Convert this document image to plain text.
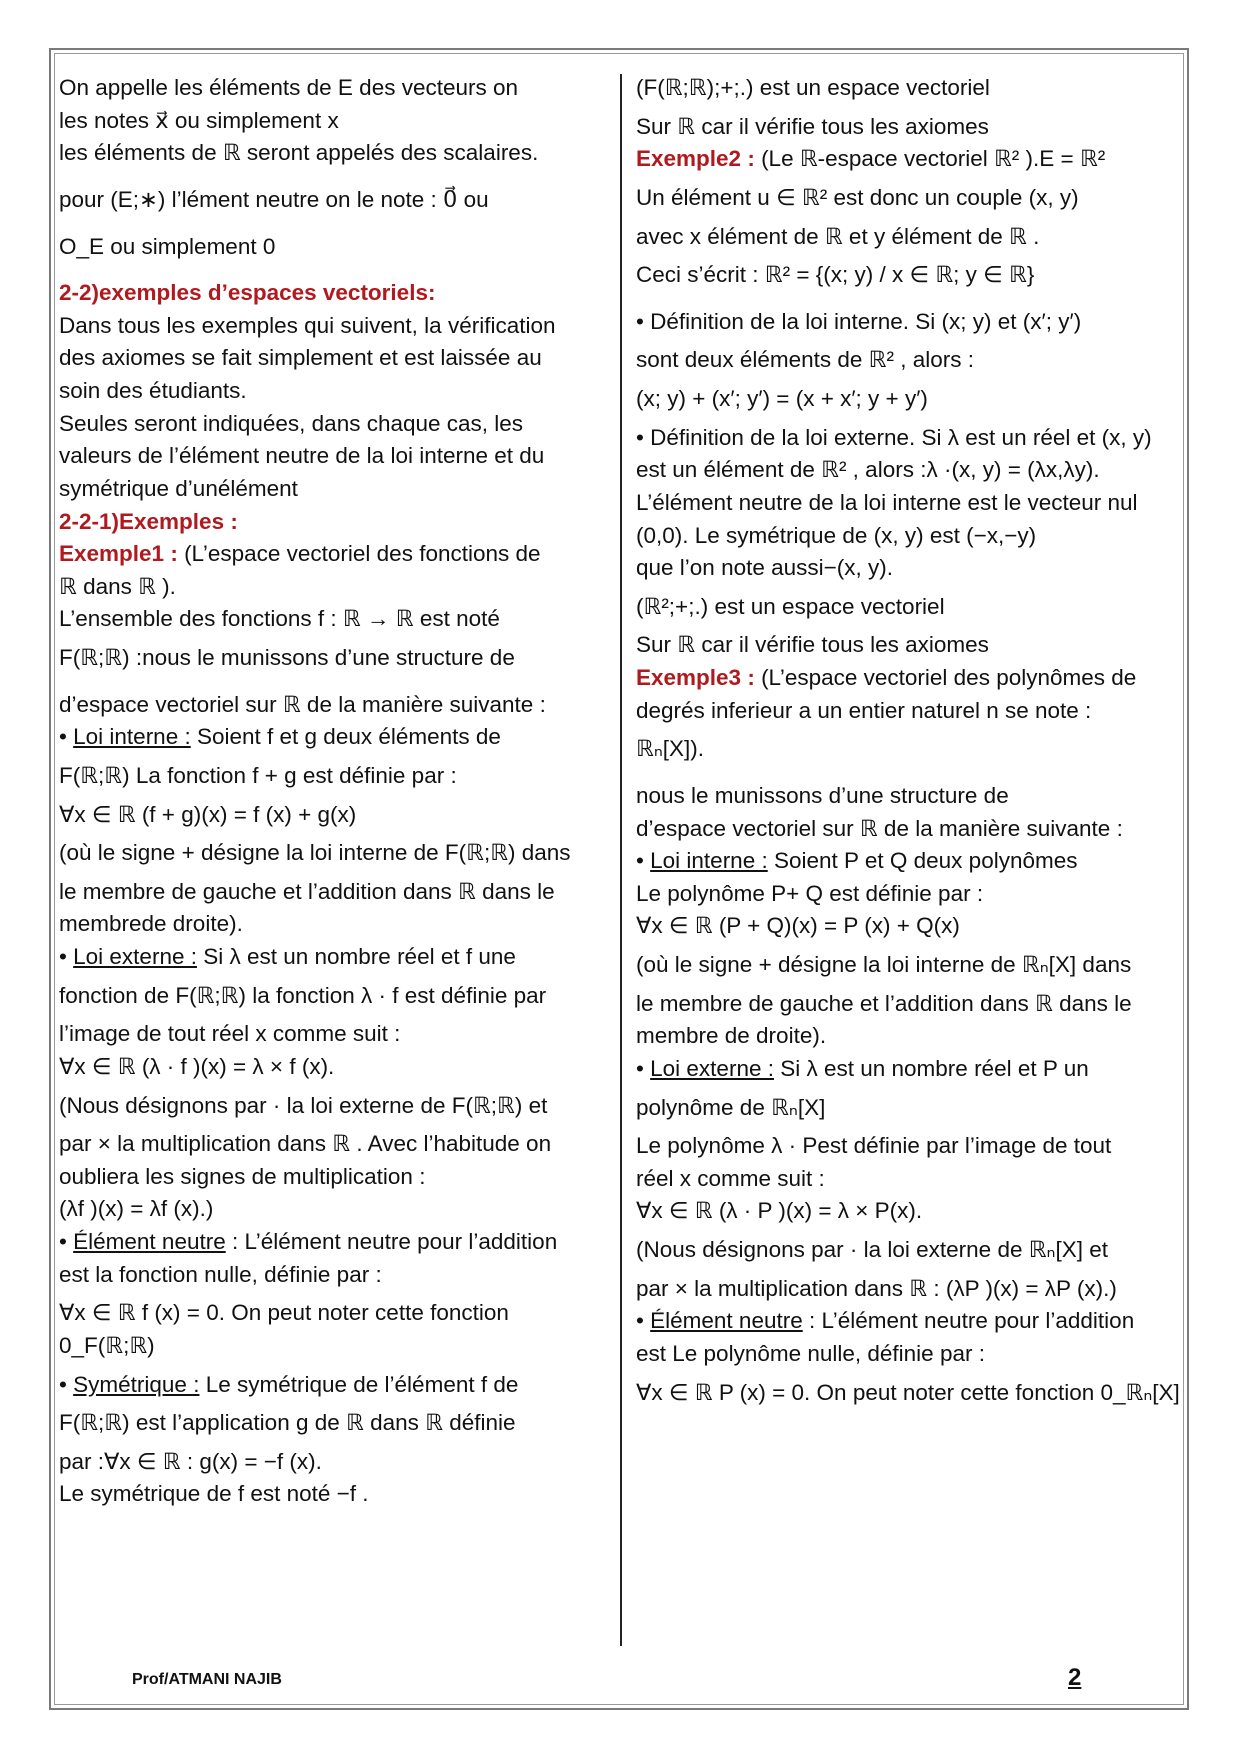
On appelle les éléments de E des vecteurs on

les notes x⃗ ou simplement x

les éléments de ℝ seront appelés des scalaires.

pour (E;∗) l’lément neutre on le note : 0⃗ ou

O_E ou simplement 0

2-2)exemples d’espaces vectoriels:

Dans tous les exemples qui suivent, la vérification

des axiomes se fait simplement et est laissée au

soin des étudiants.

Seules seront indiquées, dans chaque cas, les

valeurs de l’élément neutre de la loi interne et du

symétrique d’unélément

2-2-1)Exemples :

Exemple1 : (L’espace vectoriel des fonctions de

ℝ dans ℝ ).

L’ensemble des fonctions f : ℝ → ℝ est noté

F(ℝ;ℝ) :nous le munissons d’une structure de

d’espace vectoriel sur ℝ de la manière suivante :

• Loi interne : Soient f et g deux éléments de

F(ℝ;ℝ) La fonction f + g est définie par :

∀x ∈ ℝ (f + g)(x) = f (x) + g(x)

(où le signe + désigne la loi interne de F(ℝ;ℝ) dans

le membre de gauche et l’addition dans ℝ dans le

membrede droite).

• Loi externe : Si λ est un nombre réel et f une

fonction de F(ℝ;ℝ) la fonction λ · f est définie par

l’image de tout réel x comme suit :

∀x ∈ ℝ (λ · f )(x) = λ × f (x).

(Nous désignons par · la loi externe de F(ℝ;ℝ) et

par × la multiplication dans ℝ . Avec l’habitude on

oubliera les signes de multiplication :

(λf )(x) = λf (x).)

• Élément neutre : L’élément neutre pour l’addition

est la fonction nulle, définie par :

∀x ∈ ℝ f (x) = 0. On peut noter cette fonction 0_F(ℝ;ℝ)

• Symétrique : Le symétrique de l’élément f de

F(ℝ;ℝ) est l’application g de ℝ dans ℝ définie

par :∀x ∈ ℝ : g(x) = −f (x).

Le symétrique de f est noté −f .

(F(ℝ;ℝ);+;.) est un espace vectoriel

Sur ℝ car il vérifie tous les axiomes

Exemple2 : (Le ℝ-espace vectoriel ℝ² ).E = ℝ²

Un élément u ∈ ℝ² est donc un couple (x, y)

avec x élément de ℝ et y élément de ℝ .

Ceci s’écrit : ℝ² = {(x; y) / x ∈ ℝ; y ∈ ℝ}

• Définition de la loi interne. Si (x; y) et (x′; y′)

sont deux éléments de ℝ² , alors :

(x; y) + (x′; y′) = (x + x′; y + y′)

• Définition de la loi externe. Si λ est un réel et (x, y)

est un élément de ℝ² , alors :λ ·(x, y) = (λx,λy).

L’élément neutre de la loi interne est le vecteur nul

(0,0). Le symétrique de (x, y) est (−x,−y)

que l’on note aussi−(x, y).

(ℝ²;+;.) est un espace vectoriel

Sur ℝ car il vérifie tous les axiomes

Exemple3 : (L’espace vectoriel des polynômes de

degrés inferieur a un entier naturel n se note :

ℝₙ[X]).

nous le munissons d’une structure de

d’espace vectoriel sur ℝ de la manière suivante :

• Loi interne : Soient P et Q deux polynômes

Le polynôme P+ Q est définie par :

∀x ∈ ℝ (P + Q)(x) = P (x) + Q(x)

(où le signe + désigne la loi interne de ℝₙ[X] dans

le membre de gauche et l’addition dans ℝ dans le

membre de droite).

• Loi externe : Si λ est un nombre réel et P un

polynôme de ℝₙ[X]

Le polynôme λ · Pest définie par l’image de tout

réel x comme suit :

∀x ∈ ℝ (λ · P )(x) = λ × P(x).

(Nous désignons par · la loi externe de ℝₙ[X] et

par × la multiplication dans ℝ : (λP )(x) = λP (x).)

• Élément neutre : L’élément neutre pour l’addition

est Le polynôme nulle, définie par :

∀x ∈ ℝ P (x) = 0. On peut noter cette fonction 0_ℝₙ[X]

Prof/ATMANI NAJIB	2
